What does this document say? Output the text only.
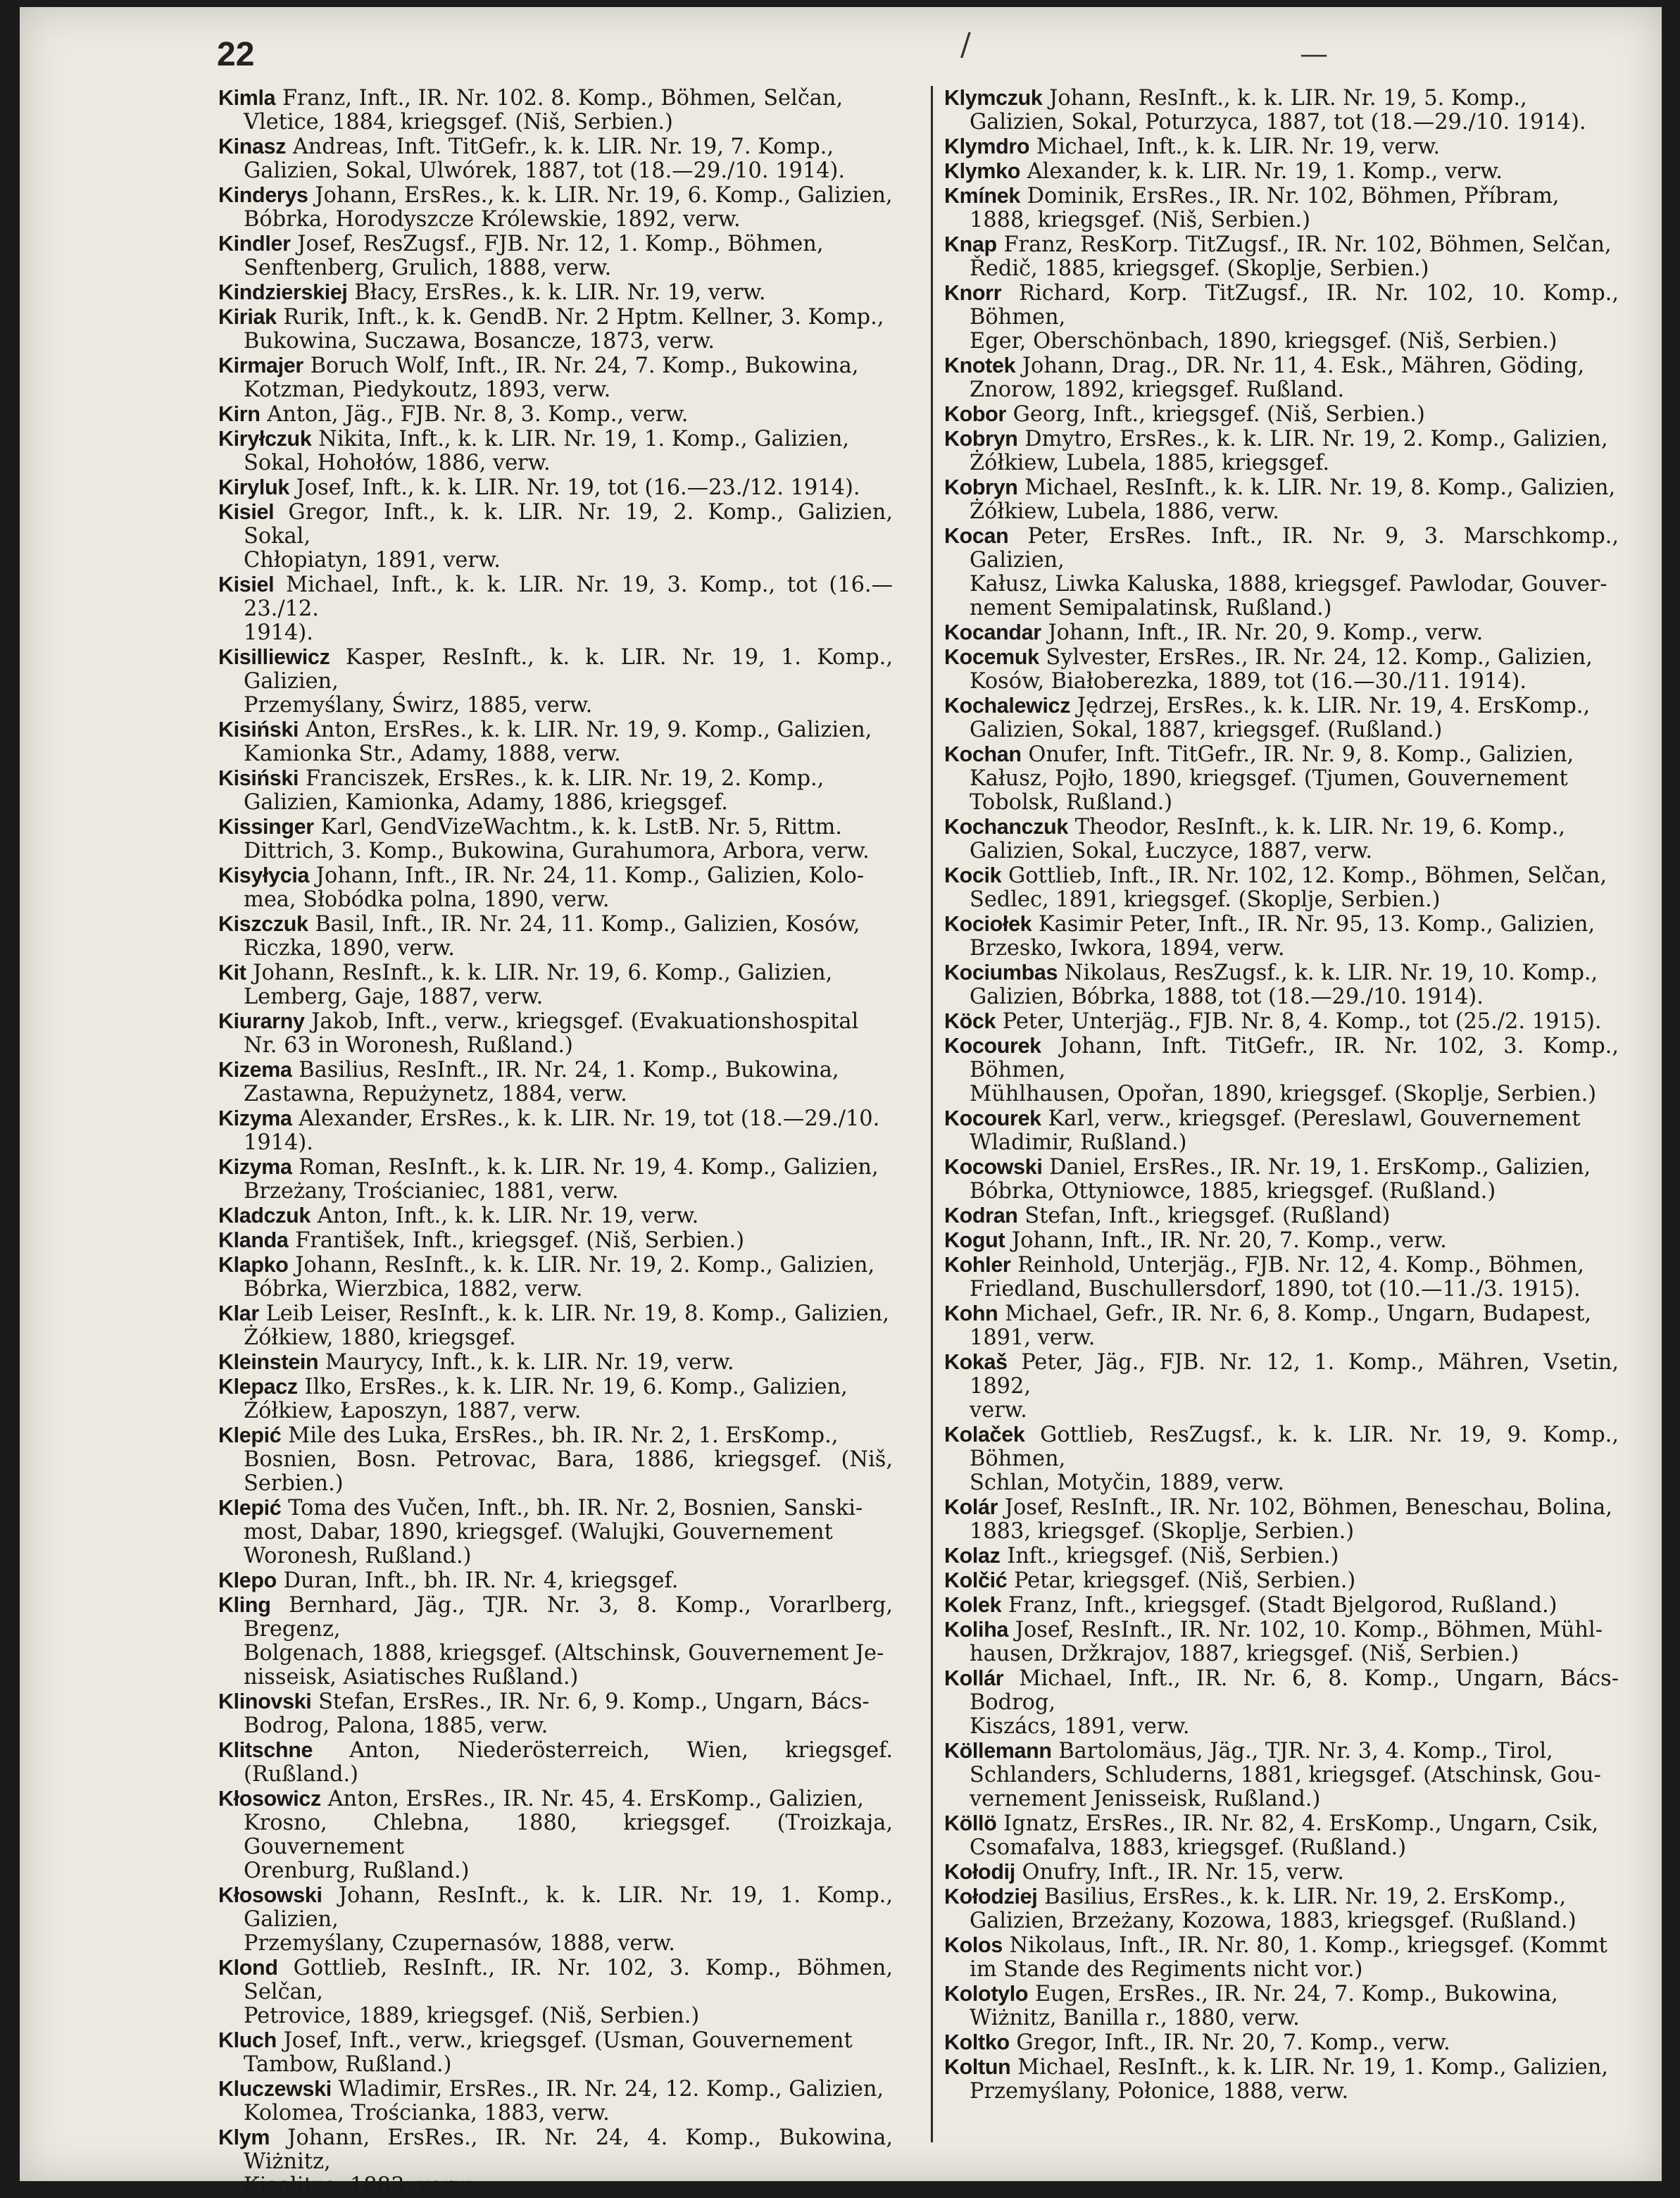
22	/	—

Kimla Franz, Inft., IR. Nr. 102. 8. Komp., Böhmen, Selčan,
Vletice, 1884, kriegsgef. (Niš, Serbien.)

Kinasz Andreas, Inft. TitGefr., k. k. LIR. Nr. 19, 7. Komp.,
Galizien, Sokal, Ulwórek, 1887, tot (18.—29./10. 1914).

Kinderys Johann, ErsRes., k. k. LIR. Nr. 19, 6. Komp., Galizien,
Bóbrka, Horodyszcze Królewskie, 1892, verw.

Kindler Josef, ResZugsf., FJB. Nr. 12, 1. Komp., Böhmen,
Senftenberg, Grulich, 1888, verw.

Kindzierskiej Błacy, ErsRes., k. k. LIR. Nr. 19, verw.

Kiriak Rurik, Inft., k. k. GendB. Nr. 2 Hptm. Kellner, 3. Komp.,
Bukowina, Suczawa, Bosancze, 1873, verw.

Kirmajer Boruch Wolf, Inft., IR. Nr. 24, 7. Komp., Bukowina,
Kotzman, Piedykoutz, 1893, verw.

Kirn Anton, Jäg., FJB. Nr. 8, 3. Komp., verw.

Kiryłczuk Nikita, Inft., k. k. LIR. Nr. 19, 1. Komp., Galizien,
Sokal, Hohołów, 1886, verw.

Kiryluk Josef, Inft., k. k. LIR. Nr. 19, tot (16.—23./12. 1914).

Kisiel Gregor, Inft., k. k. LIR. Nr. 19, 2. Komp., Galizien, Sokal,
Chłopiatyn, 1891, verw.

Kisiel Michael, Inft., k. k. LIR. Nr. 19, 3. Komp., tot (16.—23./12.
1914).

Kisilliewicz Kasper, ResInft., k. k. LIR. Nr. 19, 1. Komp., Galizien,
Przemyślany, Świrz, 1885, verw.

Kisiński Anton, ErsRes., k. k. LIR. Nr. 19, 9. Komp., Galizien,
Kamionka Str., Adamy, 1888, verw.

Kisiński Franciszek, ErsRes., k. k. LIR. Nr. 19, 2. Komp.,
Galizien, Kamionka, Adamy, 1886, kriegsgef.

Kissinger Karl, GendVizeWachtm., k. k. LstB. Nr. 5, Rittm.
Dittrich, 3. Komp., Bukowina, Gurahumora, Arbora, verw.

Kisyłycia Johann, Inft., IR. Nr. 24, 11. Komp., Galizien, Kolo-
mea, Słobódka polna, 1890, verw.

Kiszczuk Basil, Inft., IR. Nr. 24, 11. Komp., Galizien, Kosów,
Riczka, 1890, verw.

Kit Johann, ResInft., k. k. LIR. Nr. 19, 6. Komp., Galizien,
Lemberg, Gaje, 1887, verw.

Kiurarny Jakob, Inft., verw., kriegsgef. (Evakuationshospital
Nr. 63 in Woronesh, Rußland.)

Kizema Basilius, ResInft., IR. Nr. 24, 1. Komp., Bukowina,
Zastawna, Repużynetz, 1884, verw.

Kizyma Alexander, ErsRes., k. k. LIR. Nr. 19, tot (18.—29./10.
1914).

Kizyma Roman, ResInft., k. k. LIR. Nr. 19, 4. Komp., Galizien,
Brzeżany, Trościaniec, 1881, verw.

Kladczuk Anton, Inft., k. k. LIR. Nr. 19, verw.

Klanda František, Inft., kriegsgef. (Niš, Serbien.)

Klapko Johann, ResInft., k. k. LIR. Nr. 19, 2. Komp., Galizien,
Bóbrka, Wierzbica, 1882, verw.

Klar Leib Leiser, ResInft., k. k. LIR. Nr. 19, 8. Komp., Galizien,
Żółkiew, 1880, kriegsgef.

Kleinstein Maurycy, Inft., k. k. LIR. Nr. 19, verw.

Klepacz Ilko, ErsRes., k. k. LIR. Nr. 19, 6. Komp., Galizien,
Żółkiew, Łaposzyn, 1887, verw.

Klepić Mile des Luka, ErsRes., bh. IR. Nr. 2, 1. ErsKomp.,
Bosnien, Bosn. Petrovac, Bara, 1886, kriegsgef. (Niš, Serbien.)

Klepić Toma des Vučen, Inft., bh. IR. Nr. 2, Bosnien, Sanski-
most, Dabar, 1890, kriegsgef. (Walujki, Gouvernement
Woronesh, Rußland.)

Klepo Duran, Inft., bh. IR. Nr. 4, kriegsgef.

Kling Bernhard, Jäg., TJR. Nr. 3, 8. Komp., Vorarlberg, Bregenz,
Bolgenach, 1888, kriegsgef. (Altschinsk, Gouvernement Je-
nisseisk, Asiatisches Rußland.)

Klinovski Stefan, ErsRes., IR. Nr. 6, 9. Komp., Ungarn, Bács-
Bodrog, Palona, 1885, verw.

Klitschne Anton, Niederösterreich, Wien, kriegsgef. (Rußland.)

Kłosowicz Anton, ErsRes., IR. Nr. 45, 4. ErsKomp., Galizien,
Krosno, Chlebna, 1880, kriegsgef. (Troizkaja, Gouvernement
Orenburg, Rußland.)

Kłosowski Johann, ResInft., k. k. LIR. Nr. 19, 1. Komp., Galizien,
Przemyślany, Czupernasów, 1888, verw.

Klond Gottlieb, ResInft., IR. Nr. 102, 3. Komp., Böhmen, Selčan,
Petrovice, 1889, kriegsgef. (Niš, Serbien.)

Kluch Josef, Inft., verw., kriegsgef. (Usman, Gouvernement
Tambow, Rußland.)

Kluczewski Wladimir, ErsRes., IR. Nr. 24, 12. Komp., Galizien,
Kolomea, Trościanka, 1883, verw.

Klym Johann, ErsRes., IR. Nr. 24, 4. Komp., Bukowina, Wiżnitz,
Kiselitze, 1883, verw.

Klymczuk Johann, ResInft., k. k. LIR. Nr. 19, 5. Komp.,
Galizien, Sokal, Poturzyca, 1887, tot (18.—29./10. 1914).

Klymdro Michael, Inft., k. k. LIR. Nr. 19, verw.

Klymko Alexander, k. k. LIR. Nr. 19, 1. Komp., verw.

Kmínek Dominik, ErsRes., IR. Nr. 102, Böhmen, Příbram,
1888, kriegsgef. (Niš, Serbien.)

Knap Franz, ResKorp. TitZugsf., IR. Nr. 102, Böhmen, Selčan,
Ředič, 1885, kriegsgef. (Skoplje, Serbien.)

Knorr Richard, Korp. TitZugsf., IR. Nr. 102, 10. Komp., Böhmen,
Eger, Oberschönbach, 1890, kriegsgef. (Niš, Serbien.)

Knotek Johann, Drag., DR. Nr. 11, 4. Esk., Mähren, Göding,
Znorow, 1892, kriegsgef. Rußland.

Kobor Georg, Inft., kriegsgef. (Niš, Serbien.)

Kobryn Dmytro, ErsRes., k. k. LIR. Nr. 19, 2. Komp., Galizien,
Żółkiew, Lubela, 1885, kriegsgef.

Kobryn Michael, ResInft., k. k. LIR. Nr. 19, 8. Komp., Galizien,
Żółkiew, Lubela, 1886, verw.

Kocan Peter, ErsRes. Inft., IR. Nr. 9, 3. Marschkomp., Galizien,
Kałusz, Liwka Kaluska, 1888, kriegsgef. Pawlodar, Gouver-
nement Semipalatinsk, Rußland.)

Kocandar Johann, Inft., IR. Nr. 20, 9. Komp., verw.

Kocemuk Sylvester, ErsRes., IR. Nr. 24, 12. Komp., Galizien,
Kosów, Białoberezka, 1889, tot (16.—30./11. 1914).

Kochalewicz Jędrzej, ErsRes., k. k. LIR. Nr. 19, 4. ErsKomp.,
Galizien, Sokal, 1887, kriegsgef. (Rußland.)

Kochan Onufer, Inft. TitGefr., IR. Nr. 9, 8. Komp., Galizien,
Kałusz, Pojło, 1890, kriegsgef. (Tjumen, Gouvernement
Tobolsk, Rußland.)

Kochanczuk Theodor, ResInft., k. k. LIR. Nr. 19, 6. Komp.,
Galizien, Sokal, Łuczyce, 1887, verw.

Kocik Gottlieb, Inft., IR. Nr. 102, 12. Komp., Böhmen, Selčan,
Sedlec, 1891, kriegsgef. (Skoplje, Serbien.)

Kociołek Kasimir Peter, Inft., IR. Nr. 95, 13. Komp., Galizien,
Brzesko, Iwkora, 1894, verw.

Kociumbas Nikolaus, ResZugsf., k. k. LIR. Nr. 19, 10. Komp.,
Galizien, Bóbrka, 1888, tot (18.—29./10. 1914).

Köck Peter, Unterjäg., FJB. Nr. 8, 4. Komp., tot (25./2. 1915).

Kocourek Johann, Inft. TitGefr., IR. Nr. 102, 3. Komp., Böhmen,
Mühlhausen, Opořan, 1890, kriegsgef. (Skoplje, Serbien.)

Kocourek Karl, verw., kriegsgef. (Pereslawl, Gouvernement
Wladimir, Rußland.)

Kocowski Daniel, ErsRes., IR. Nr. 19, 1. ErsKomp., Galizien,
Bóbrka, Ottyniowce, 1885, kriegsgef. (Rußland.)

Kodran Stefan, Inft., kriegsgef. (Rußland)

Kogut Johann, Inft., IR. Nr. 20, 7. Komp., verw.

Kohler Reinhold, Unterjäg., FJB. Nr. 12, 4. Komp., Böhmen,
Friedland, Buschullersdorf, 1890, tot (10.—11./3. 1915).

Kohn Michael, Gefr., IR. Nr. 6, 8. Komp., Ungarn, Budapest,
1891, verw.

Kokaš Peter, Jäg., FJB. Nr. 12, 1. Komp., Mähren, Vsetin, 1892,
verw.

Kolaček Gottlieb, ResZugsf., k. k. LIR. Nr. 19, 9. Komp., Böhmen,
Schlan, Motyčin, 1889, verw.

Kolár Josef, ResInft., IR. Nr. 102, Böhmen, Beneschau, Bolina,
1883, kriegsgef. (Skoplje, Serbien.)

Kolaz Inft., kriegsgef. (Niš, Serbien.)

Kolčić Petar, kriegsgef. (Niš, Serbien.)

Kolek Franz, Inft., kriegsgef. (Stadt Bjelgorod, Rußland.)

Koliha Josef, ResInft., IR. Nr. 102, 10. Komp., Böhmen, Mühl-
hausen, Držkrajov, 1887, kriegsgef. (Niš, Serbien.)

Kollár Michael, Inft., IR. Nr. 6, 8. Komp., Ungarn, Bács-Bodrog,
Kiszács, 1891, verw.

Köllemann Bartolomäus, Jäg., TJR. Nr. 3, 4. Komp., Tirol,
Schlanders, Schluderns, 1881, kriegsgef. (Atschinsk, Gou-
vernement Jenisseisk, Rußland.)

Köllö Ignatz, ErsRes., IR. Nr. 82, 4. ErsKomp., Ungarn, Csik,
Csomafalva, 1883, kriegsgef. (Rußland.)

Kołodij Onufry, Inft., IR. Nr. 15, verw.

Kołodziej Basilius, ErsRes., k. k. LIR. Nr. 19, 2. ErsKomp.,
Galizien, Brzeżany, Kozowa, 1883, kriegsgef. (Rußland.)

Kolos Nikolaus, Inft., IR. Nr. 80, 1. Komp., kriegsgef. (Kommt
im Stande des Regiments nicht vor.)

Kolotylo Eugen, ErsRes., IR. Nr. 24, 7. Komp., Bukowina,
Wiżnitz, Banilla r., 1880, verw.

Koltko Gregor, Inft., IR. Nr. 20, 7. Komp., verw.

Koltun Michael, ResInft., k. k. LIR. Nr. 19, 1. Komp., Galizien,
Przemyślany, Połonice, 1888, verw.
